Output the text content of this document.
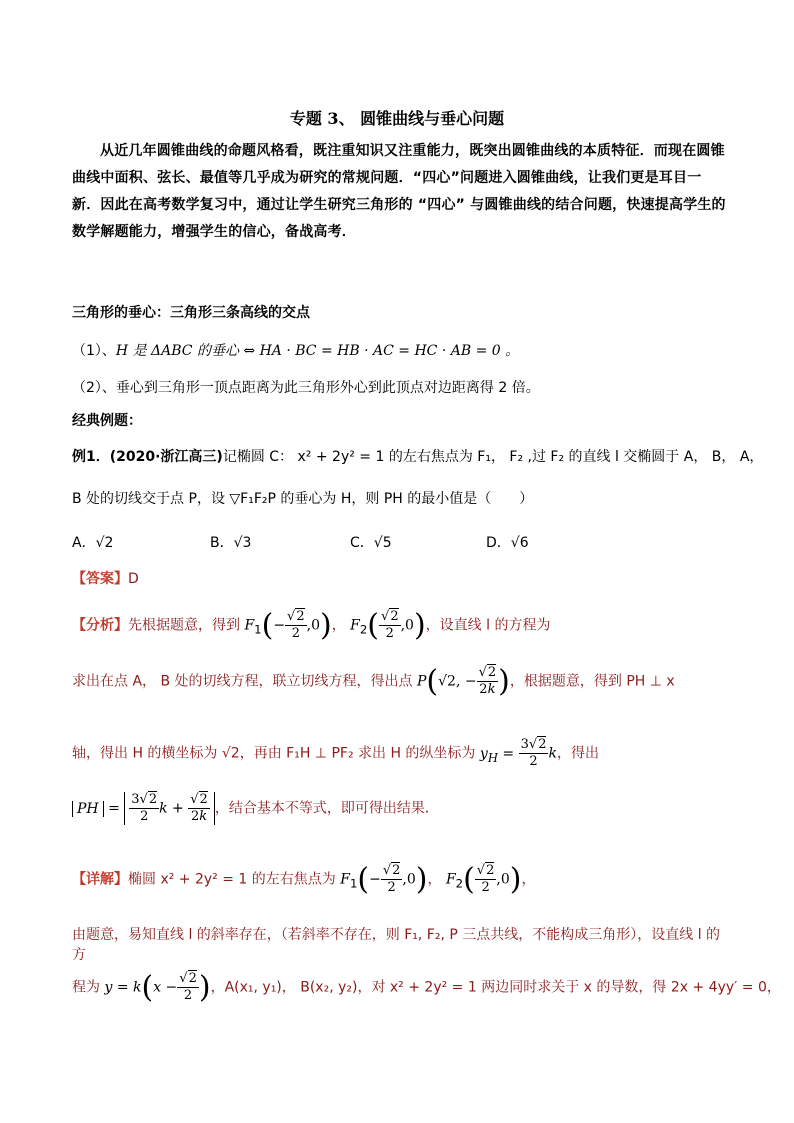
专题 3、 圆锥曲线与垂心问题
从近几年圆锥曲线的命题风格看，既注重知识又注重能力，既突出圆锥曲线的本质特征．而现在圆锥曲线中面积、弦长、最值等几乎成为研究的常规问题．“四心”问题进入圆锥曲线，让我们更是耳目一新．因此在高考数学复习中，通过让学生研究三角形的 “四心” 与圆锥曲线的结合问题，快速提高学生的数学解题能力，增强学生的信心，备战高考．
三角形的垂心：三角形三条高线的交点
（1）、H 是 ΔABC 的垂心 ⇔ HA · BC = HB · AC = HC · AB = 0 。
（2）、垂心到三角形一顶点距离为此三角形外心到此顶点对边距离得 2 倍。
经典例题：
例1．(2020·浙江高三)记椭圆 C： x² + 2y² = 1 的左右焦点为 F₁， F₂ ,过 F₂ 的直线 l 交椭圆于 A， B， A，
B 处的切线交于点 P，设 ▽F₁F₂P 的垂心为 H，则 PH 的最小值是（　　）
A．√2	B．√3	C．√5	D．√6
【答案】D
【分析】先根据题意，得到 $F_1(- \frac{√2}{2} ,0)$， $F_2( \frac{√2}{2} ,0)$，设直线 l 的方程为
求出在点 A， B 处的切线方程，联立切线方程，得出点 P(√2, − $\frac{√2}{2k}$ )，根据题意，得到 PH ⊥ x
轴，得出 H 的横坐标为 √2，再由 F₁H ⊥ PF₂ 求出 H 的纵坐标为 $y_H = \frac{3√2}{2}$ k，得出
PH = $\frac{3√2}{2}$ $k + \frac{√2}{2k}$ ，结合基本不等式，即可得出结果．
【详解】椭圆 x² + 2y² = 1 的左右焦点为 $F_1(- \frac{√2}{2} ,0)$， $F_2( \frac{√2}{2} ,0)$，
由题意，易知直线 l 的斜率存在，（若斜率不存在，则 F₁, F₂, P 三点共线，不能构成三角形），设直线 l 的方
程为 $y = k(x - \frac{√2}{2}$ )，A(x₁, y₁)， B(x₂, y₂)，对 x² + 2y² = 1 两边同时求关于 x 的导数，得 2x + 4yy′ = 0，
